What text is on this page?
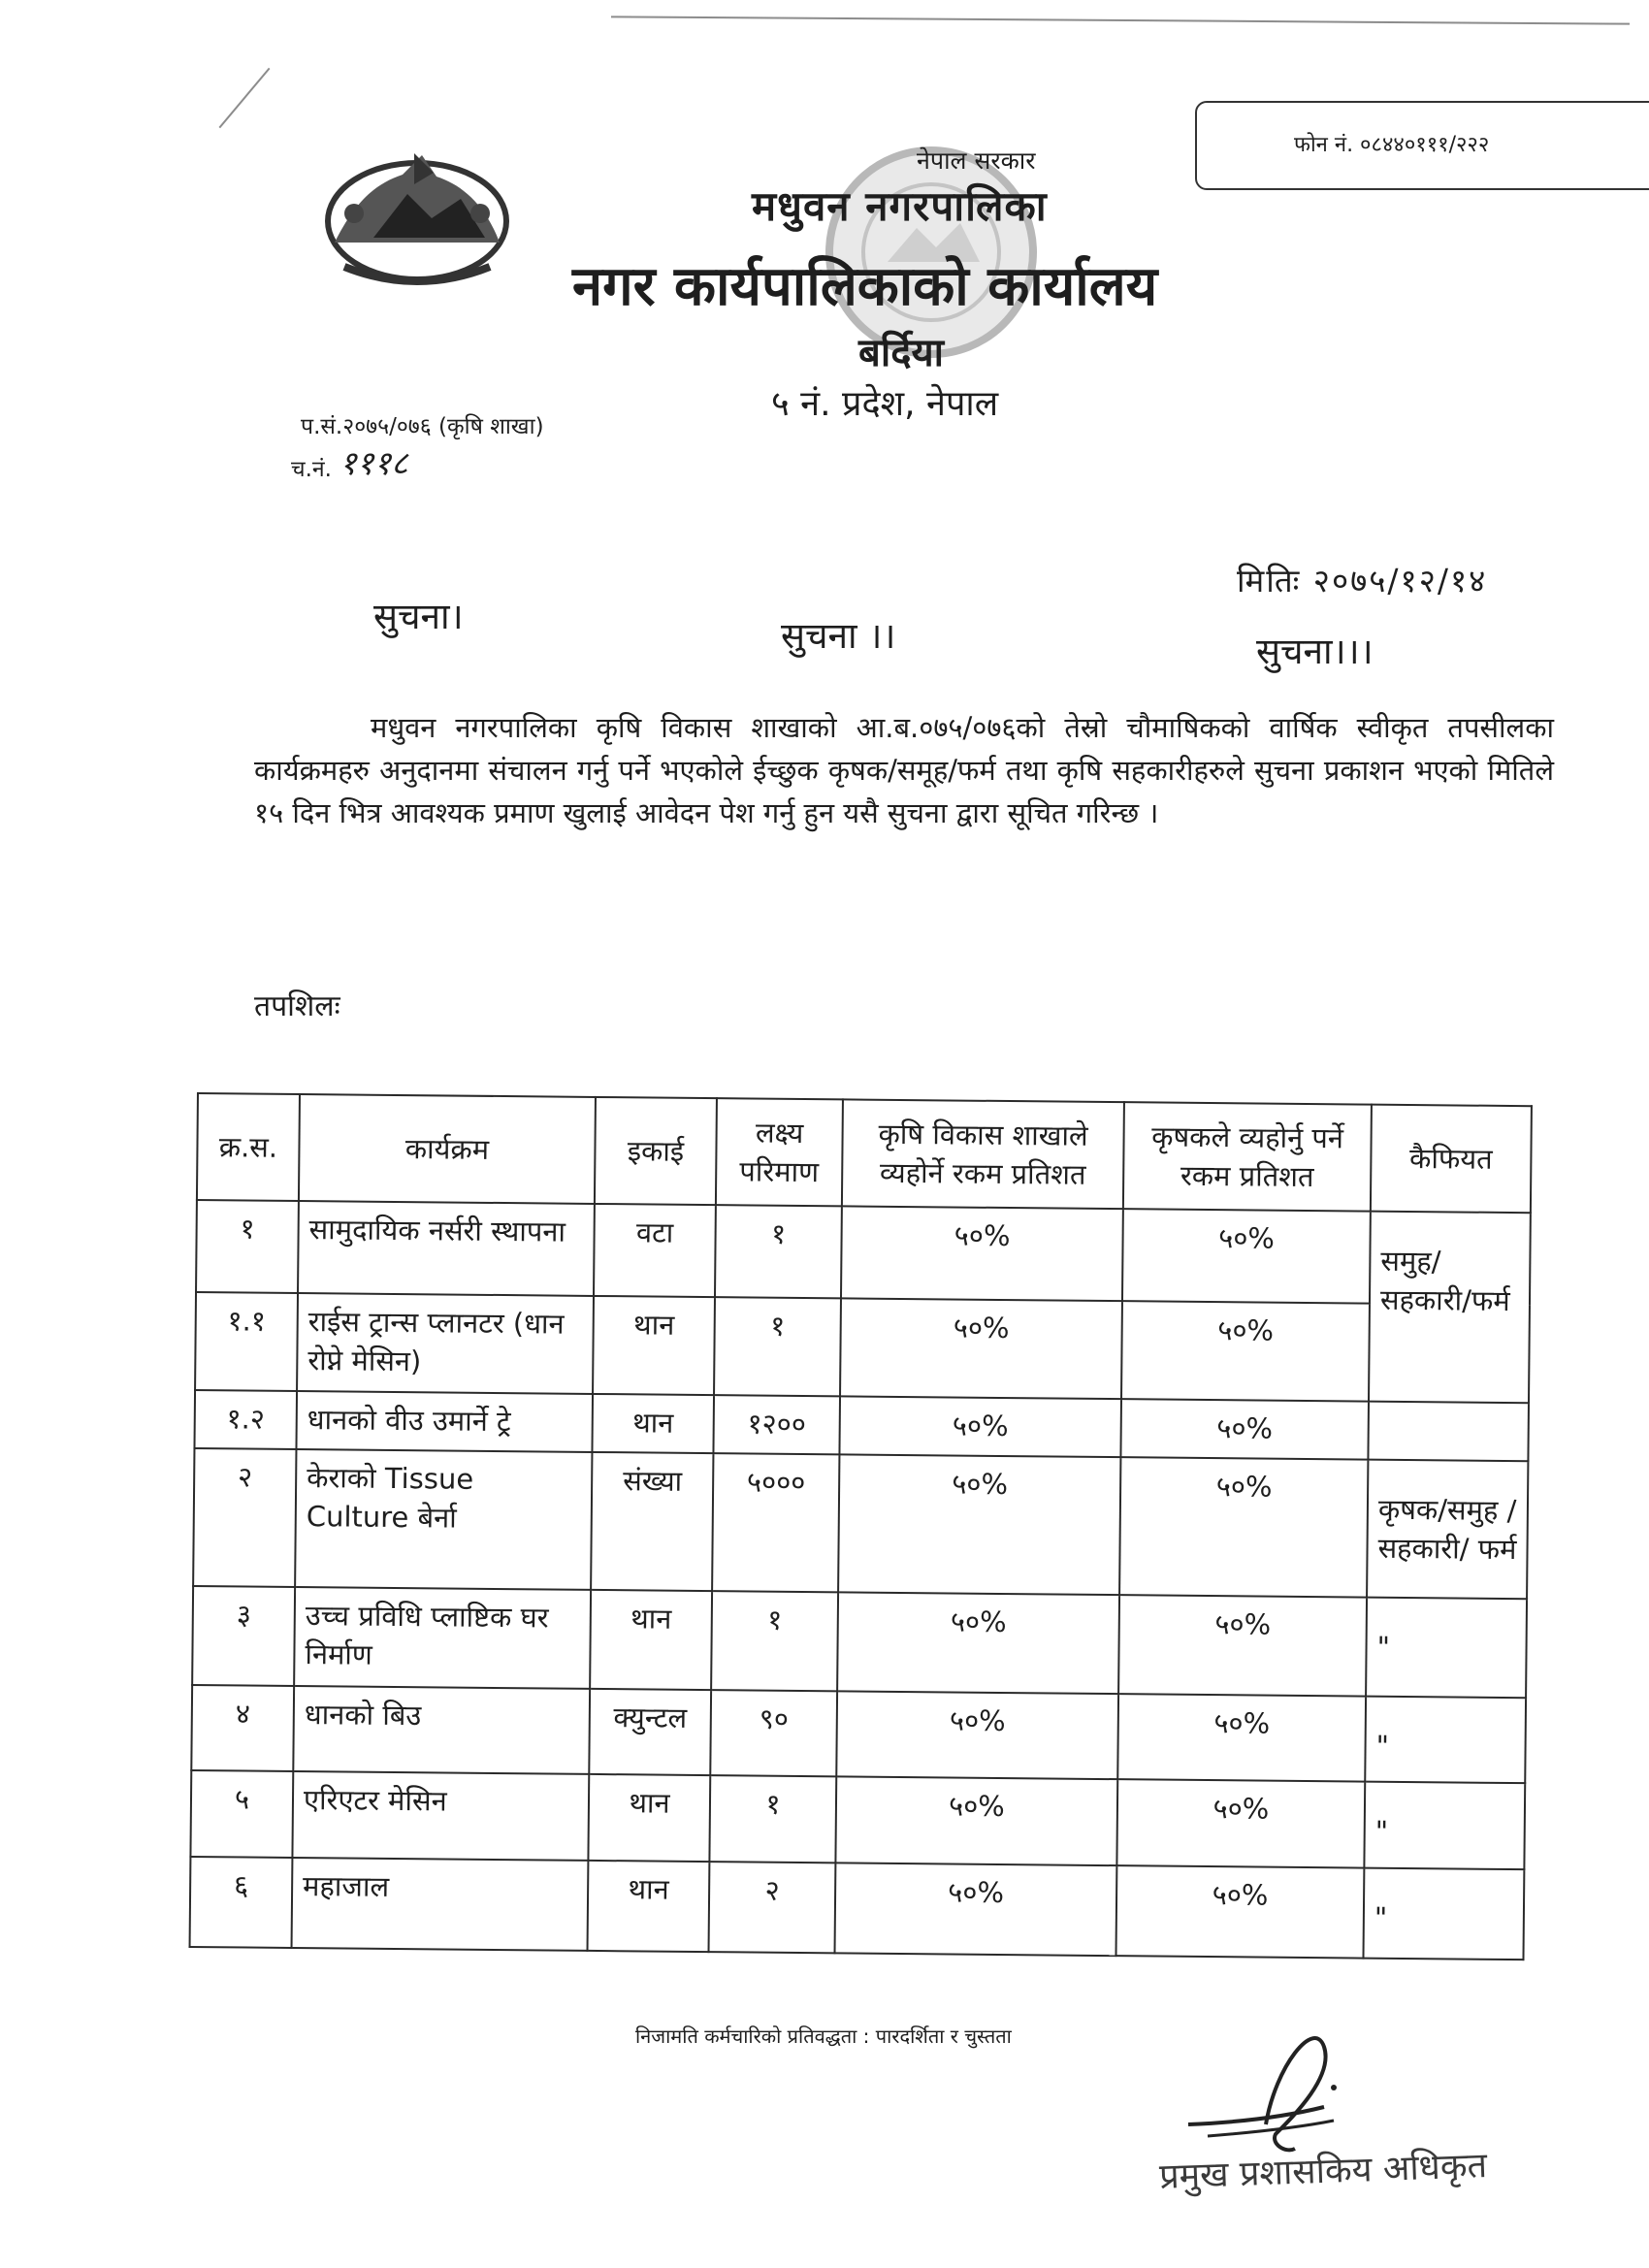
फोन नं. ०८४४०१११/२२२
नेपाल सरकार
मधुवन नगरपालिका
नगर कार्यपालिकाको कार्यालय
बर्दिया
५ नं. प्रदेश, नेपाल
प.सं.२०७५/०७६ (कृषि शाखा)
च.नं. १११८
मितिः २०७५/१२/१४
सुचना।	सुचना ।।	सुचना।।।

मधुवन नगरपालिका कृषि विकास शाखाको आ.ब.०७५/०७६को तेस्रो चौमाषिकको वार्षिक स्वीकृत तपसीलका कार्यक्रमहरु अनुदानमा संचालन गर्नु पर्ने भएकोले ईच्छुक कृषक/समूह/फर्म तथा कृषि सहकारीहरुले सुचना प्रकाशन भएको मितिले १५ दिन भित्र आवश्यक प्रमाण खुलाई आवेदन पेश गर्नु हुन यसै सुचना द्वारा सूचित गरिन्छ ।

तपशिलः
क्र.स.	कार्यक्रम	इकाई	लक्ष्य परिमाण	कृषि विकास शाखाले व्यहोर्ने रकम प्रतिशत	कृषकले व्यहोर्नु पर्ने रकम प्रतिशत	कैफियत
१	सामुदायिक नर्सरी स्थापना	वटा	१	५०%	५०%	समुह/सहकारी/फर्म
१.१	राईस ट्रान्स प्लानटर (धान रोप्ने मेसिन)	थान	१	५०%	५०%	
१.२	धानको वीउ उमार्ने ट्रे	थान	१२००	५०%	५०%	
२	केराको Tissue Culture बेर्ना	संख्या	५०००	५०%	५०%	कृषक/समुह /सहकारी/ फर्म
३	उच्च प्रविधि प्लाष्टिक घर निर्माण	थान	१	५०%	५०%	"
४	धानको बिउ	क्युन्टल	९०	५०%	५०%	"
५	एरिएटर मेसिन	थान	१	५०%	५०%	"
६	महाजाल	थान	२	५०%	५०%	"
निजामति कर्मचारिको प्रतिवद्धता : पारदर्शिता र चुस्तता
प्रमुख प्रशासकिय अधिकृत
